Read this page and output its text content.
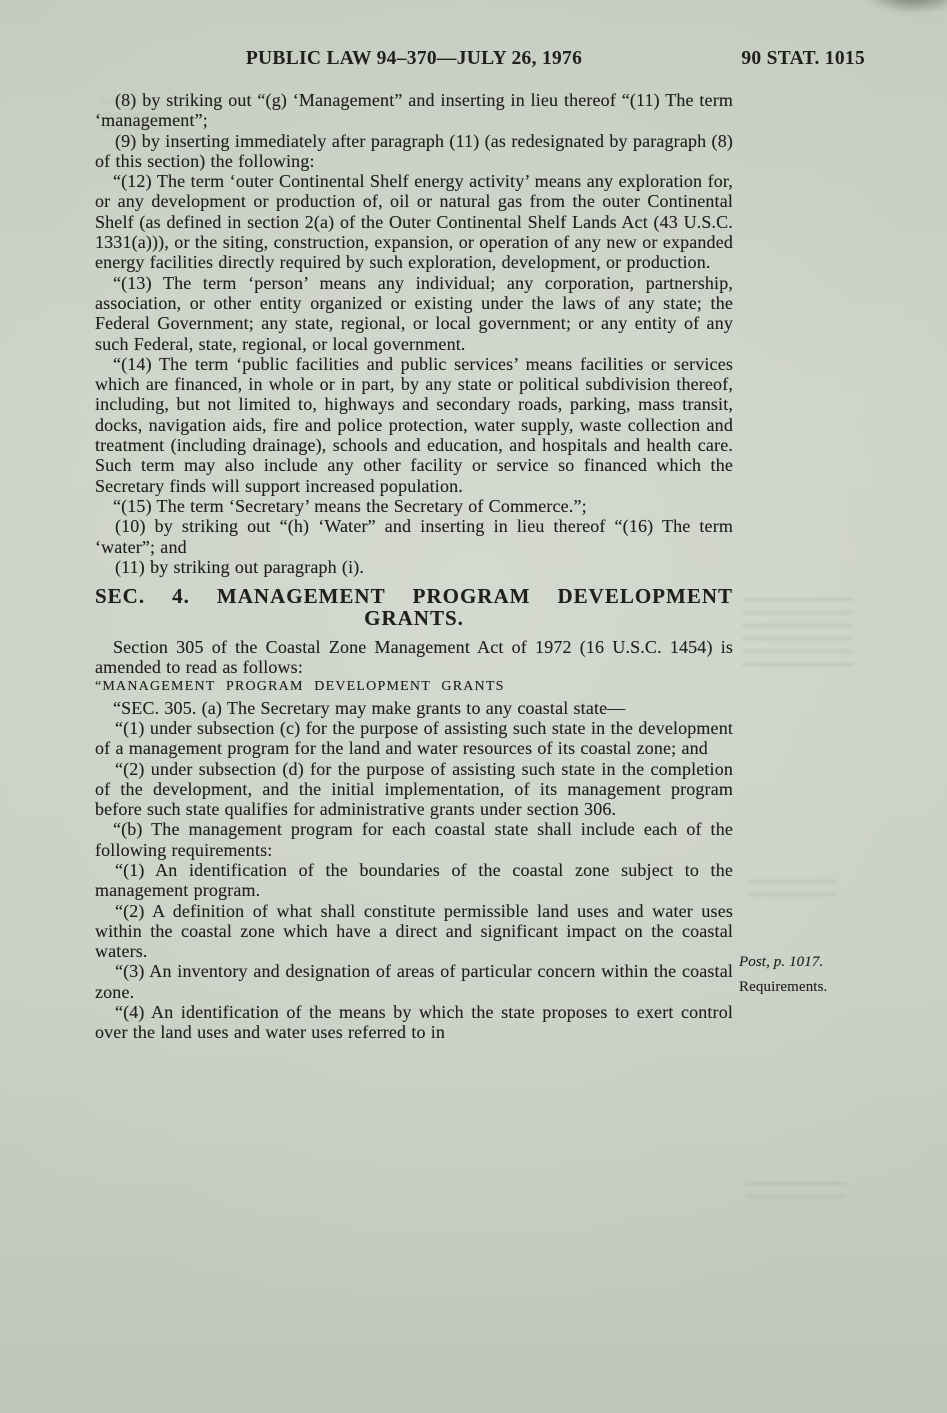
PUBLIC LAW 94–370—JULY 26, 1976	90 STAT. 1015

(8) by striking out “(g) ‘Management” and inserting in lieu thereof “(11) The term ‘management”;

(9) by inserting immediately after paragraph (11) (as redesignated by paragraph (8) of this section) the following:

“(12) The term ‘outer Continental Shelf energy activity’ means any exploration for, or any development or production of, oil or natural gas from the outer Continental Shelf (as defined in section 2(a) of the Outer Continental Shelf Lands Act (43 U.S.C. 1331(a))), or the siting, construction, expansion, or operation of any new or expanded energy facilities directly required by such exploration, development, or production.

“(13) The term ‘person’ means any individual; any corporation, partnership, association, or other entity organized or existing under the laws of any state; the Federal Government; any state, regional, or local government; or any entity of any such Federal, state, regional, or local government.

“(14) The term ‘public facilities and public services’ means facilities or services which are financed, in whole or in part, by any state or political subdivision thereof, including, but not limited to, highways and secondary roads, parking, mass transit, docks, navigation aids, fire and police protection, water supply, waste collection and treatment (including drainage), schools and education, and hospitals and health care. Such term may also include any other facility or service so financed which the Secretary finds will support increased population.

“(15) The term ‘Secretary’ means the Secretary of Commerce.”;

(10) by striking out “(h) ‘Water” and inserting in lieu thereof “(16) The term ‘water”; and

(11) by striking out paragraph (i).

SEC. 4. MANAGEMENT PROGRAM DEVELOPMENT
GRANTS.

Section 305 of the Coastal Zone Management Act of 1972 (16 U.S.C. 1454) is amended to read as follows:

“MANAGEMENT PROGRAM DEVELOPMENT GRANTS

“SEC. 305. (a) The Secretary may make grants to any coastal state—

“(1) under subsection (c) for the purpose of assisting such state in the development of a management program for the land and water resources of its coastal zone; and

“(2) under subsection (d) for the purpose of assisting such state in the completion of the development, and the initial implementation, of its management program before such state qualifies for administrative grants under section 306.

“(b) The management program for each coastal state shall include each of the following requirements:

“(1) An identification of the boundaries of the coastal zone subject to the management program.

“(2) A definition of what shall constitute permissible land uses and water uses within the coastal zone which have a direct and significant impact on the coastal waters.

“(3) An inventory and designation of areas of particular concern within the coastal zone.

“(4) An identification of the means by which the state proposes to exert control over the land uses and water uses referred to in

Post, p. 1017.
Requirements.
